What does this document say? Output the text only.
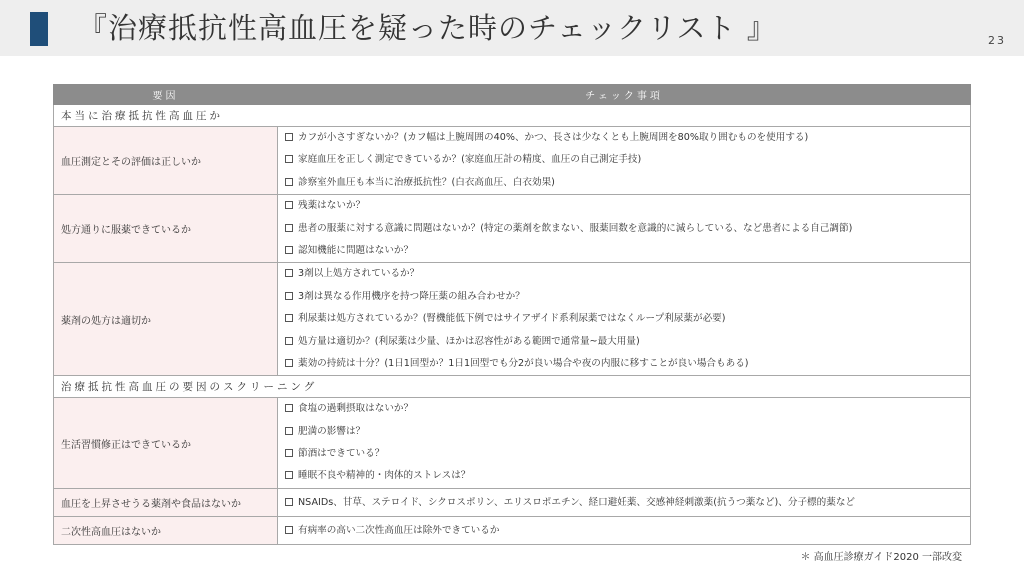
『治療抵抗性高血圧を疑った時のチェックリスト 』	23
要因	チェック事項
本当に治療抵抗性高血圧か	
血圧測定とその評価は正しいか	カフが小さすぎないか？(カフ幅は上腕周囲の40%、かつ、長さは少なくとも上腕周囲を80%取り囲むものを使用する)
家庭血圧を正しく測定できているか？(家庭血圧計の精度、血圧の自己測定手技)
診察室外血圧も本当に治療抵抗性？(白衣高血圧、白衣効果)

処方通りに服薬できているか	残薬はないか？
患者の服薬に対する意識に問題はないか？(特定の薬剤を飲まない、服薬回数を意識的に減らしている、など患者による自己調節)
認知機能に問題はないか？

薬剤の処方は適切か	3剤以上処方されているか？
3剤は異なる作用機序を持つ降圧薬の組み合わせか？
利尿薬は処方されているか？(腎機能低下例ではサイアザイド系利尿薬ではなくループ利尿薬が必要)
処方量は適切か？(利尿薬は少量、ほかは忍容性がある範囲で通常量~最大用量)
薬効の持続は十分？(1日1回型か？1日1回型でも分2が良い場合や夜の内服に移すことが良い場合もある)

治療抵抗性高血圧の要因のスクリーニング	
生活習慣修正はできているか	食塩の過剰摂取はないか？
肥満の影響は？
節酒はできている？
睡眠不良や精神的・肉体的ストレスは？

血圧を上昇させうる薬剤や食品はないか	NSAIDs、甘草、ステロイド、シクロスポリン、エリスロポエチン、経口避妊薬、交感神経刺激薬(抗うつ薬など)、分子標的薬など

二次性高血圧はないか	有病率の高い二次性高血圧は除外できているか
＊ 高血圧診療ガイド2020 一部改変
